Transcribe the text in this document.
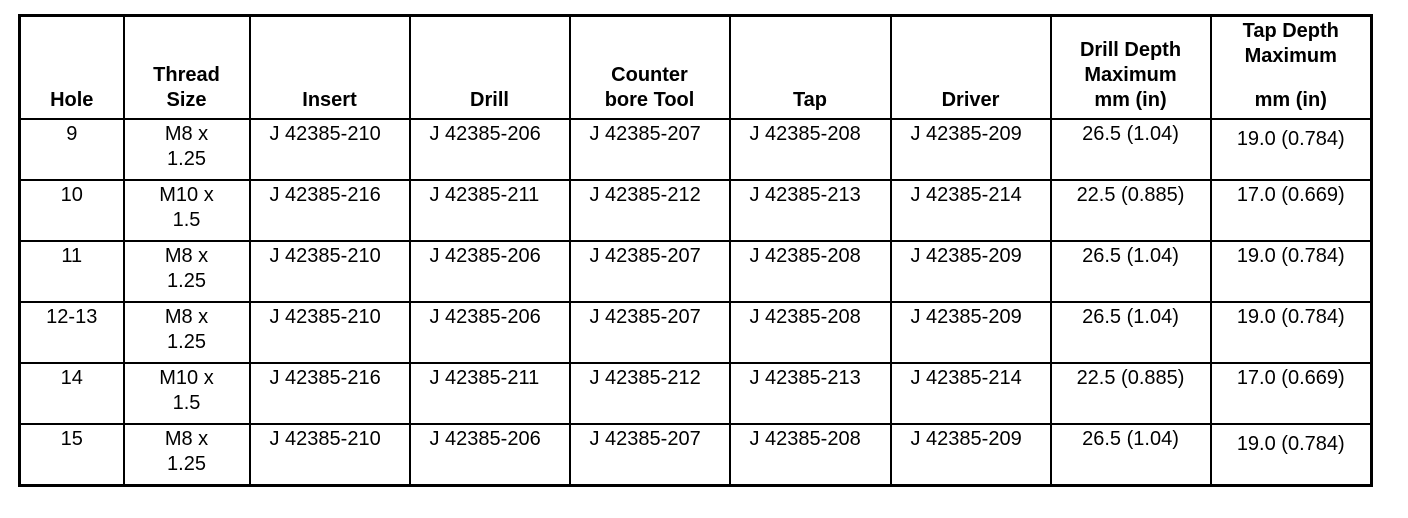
Hole	Thread
Size	Insert	Drill	Counter
bore Tool	Tap	Driver	Drill Depth
Maximum
mm (in)	Tap Depth
Maximum
mm (in)

9	M8 x
1.25	J 42385-210	J 42385-206	J 42385-207	J 42385-208	J 42385-209	26.5 (1.04)	19.0 (0.784)
10	M10 x
1.5	J 42385-216	J 42385-211	J 42385-212	J 42385-213	J 42385-214	22.5 (0.885)	17.0 (0.669)
11	M8 x
1.25	J 42385-210	J 42385-206	J 42385-207	J 42385-208	J 42385-209	26.5 (1.04)	19.0 (0.784)
12-13	M8 x
1.25	J 42385-210	J 42385-206	J 42385-207	J 42385-208	J 42385-209	26.5 (1.04)	19.0 (0.784)
14	M10 x
1.5	J 42385-216	J 42385-211	J 42385-212	J 42385-213	J 42385-214	22.5 (0.885)	17.0 (0.669)
15	M8 x
1.25	J 42385-210	J 42385-206	J 42385-207	J 42385-208	J 42385-209	26.5 (1.04)	19.0 (0.784)
